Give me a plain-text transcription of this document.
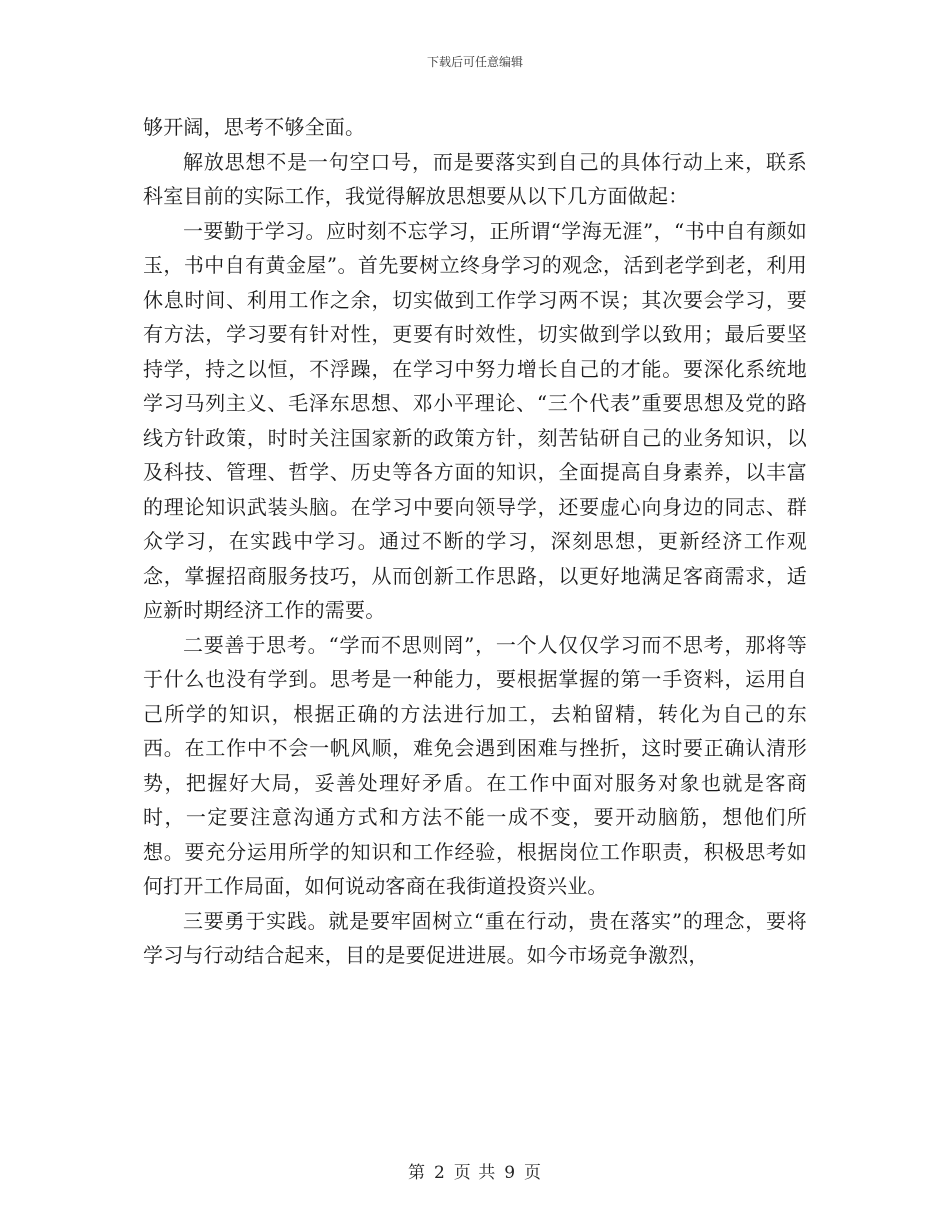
下载后可任意编辑

够开阔，思考不够全面。

解放思想不是一句空口号，而是要落实到自己的具体行动上来，联系科室目前的实际工作，我觉得解放思想要从以下几方面做起：

一要勤于学习。应时刻不忘学习，正所谓“学海无涯”，“书中自有颜如玉，书中自有黄金屋”。首先要树立终身学习的观念，活到老学到老，利用休息时间、利用工作之余，切实做到工作学习两不误；其次要会学习，要有方法，学习要有针对性，更要有时效性，切实做到学以致用；最后要坚持学，持之以恒，不浮躁，在学习中努力增长自己的才能。要深化系统地学习马列主义、毛泽东思想、邓小平理论、“三个代表”重要思想及党的路线方针政策，时时关注国家新的政策方针，刻苦钻研自己的业务知识，以及科技、管理、哲学、历史等各方面的知识，全面提高自身素养，以丰富的理论知识武装头脑。在学习中要向领导学，还要虚心向身边的同志、群众学习，在实践中学习。通过不断的学习，深刻思想，更新经济工作观念，掌握招商服务技巧，从而创新工作思路，以更好地满足客商需求，适应新时期经济工作的需要。

二要善于思考。“学而不思则罔”，一个人仅仅学习而不思考，那将等于什么也没有学到。思考是一种能力，要根据掌握的第一手资料，运用自己所学的知识，根据正确的方法进行加工，去粕留精，转化为自己的东西。在工作中不会一帆风顺，难免会遇到困难与挫折，这时要正确认清形势，把握好大局，妥善处理好矛盾。在工作中面对服务对象也就是客商时，一定要注意沟通方式和方法不能一成不变，要开动脑筋，想他们所想。要充分运用所学的知识和工作经验，根据岗位工作职责，积极思考如何打开工作局面，如何说动客商在我街道投资兴业。

三要勇于实践。就是要牢固树立“重在行动，贵在落实”的理念，要将学习与行动结合起来，目的是要促进进展。如今市场竞争激烈，

第 2 页 共 9 页
